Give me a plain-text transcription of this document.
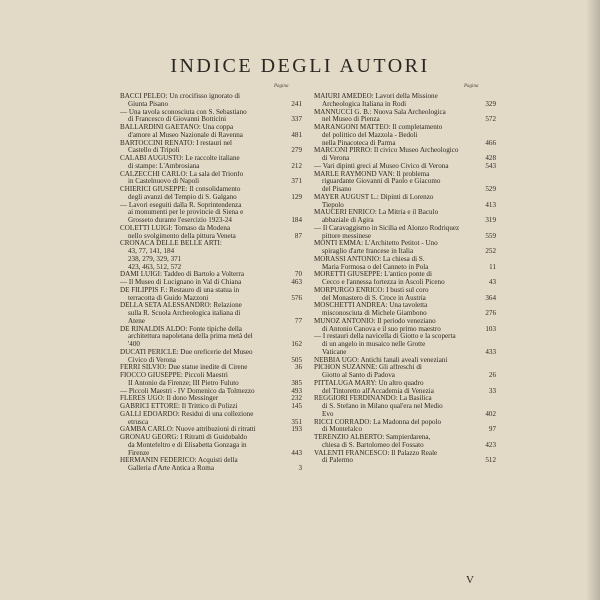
INDICE DEGLI AUTORI
Pagina	Pagina
BACCI PELEO: Un crocifisso ignorato di
Giunta Pisano	241
— Una tavola sconosciuta con S. Sebastiano
di Francesco di Giovanni Botticini	337
BALLARDINI GAETANO: Una coppa
d'amore al Museo Nazionale di Ravenna	481
BARTOCCINI RENATO: I restauri nel
Castello di Tripoli	279
CALABI AUGUSTO: Le raccolte italiane
di stampe: L'Ambrosiana	212
CALZECCHI CARLO: La sala del Trionfo
in Castelnuovo di Napoli	371
CHIERICI GIUSEPPE: Il consolidamento
degli avanzi del Tempio di S. Galgano	129
— Lavori eseguiti dalla R. Soprintendenza
ai monumenti per le provincie di Siena e
Grosseto durante l'esercizio 1923-24	184
COLETTI LUIGI: Tomaso da Modena
nello svolgimento della pittura Veneta	87
CRONACA DELLE BELLE ARTI:
43, 77, 141, 184
238, 279, 329, 371
423, 463, 512, 572
DAMI LUIGI: Taddeo di Bartolo a Volterra	70
— Il Museo di Lucignano in Val di Chiana	463
DE FILIPPIS F.: Restauro di una statua in
terracotta di Guido Mazzoni	576
DELLA SETA ALESSANDRO: Relazione
sulla R. Scuola Archeologica italiana di
Atene	77
DE RINALDIS ALDO: Fonte tipiche della
architettura napoletana della prima metà del
'400	162
DUCATI PERICLE: Due oreficerie del Museo
Civico di Verona	505
FERRI SILVIO: Due statue inedite di Cirene	36
FIOCCO GIUSEPPE: Piccoli Maestri
II Antonio da Firenze; III Pietro Fuluto	385
— Piccoli Maestri - IV Domenico da Tolmezzo	493
FLERES UGO: Il dono Messinger	232
GABRICI ETTORE: Il Trittico di Polizzi	145
GALLI EDOARDO: Residui di una collezione
etrusca	351
GAMBA CARLO: Nuove attribuzioni di ritratti	193
GRONAU GEORG: I Ritratti di Guidobaldo
da Montefeltro e di Elisabetta Gonzaga in
Firenze	443
HERMANIN FEDERICO: Acquisti della
Galleria d'Arte Antica a Roma	3
MAIURI AMEDEO: Lavori della Missione
Archeologica Italiana in Rodi	329
MANNUCCI G. B.: Nuova Sala Archeologica
nel Museo di Pienza	572
MARANGONI MATTEO: Il completamento
del polittico del Mazzola - Bedoli
nella Pinacoteca di Parma	466
MARCONI PIRRO: Il civico Museo Archeologico
di Verona	428
— Vari dipinti greci al Museo Civico di Verona	543
MARLE RAYMOND VAN: Il problema
riguardante Giovanni di Paolo e Giacomo
del Pisano	529
MAYER AUGUST L.: Dipinti di Lorenzo
Tiepolo	413
MAUCERI ENRICO: La Mitria e il Baculo
abbaziale di Agira	319
— Il Caravaggismo in Sicilia ed Alonzo Rodriquez
pittore messinese	559
MONTI EMMA: L'Architetto Petitot - Uno
spiraglio d'arte francese in Italia	252
MORASSI ANTONIO: La chiesa di S.
Maria Formosa o del Canneto in Pola	11
MORETTI GIUSEPPE: L'antico ponte di
Cecco e l'annessa fortezza in Ascoli Piceno	43
MORPURGO ENRICO: I busti sul coro
del Monastero di S. Croce in Austria	364
MOSCHETTI ANDREA: Una tavoletta
misconosciuta di Michele Giambono	276
MUNOZ ANTONIO: Il periodo veneziano
di Antonio Canova e il suo primo maestro	103
— I restauri della navicella di Giotto e la scoperta
di un angelo in musaico nelle Grotte
Vaticane	433
NEBBIA UGO: Antichi fanali aveali veneziani
PICHON SUZANNE: Gli affreschi di
Giotto al Santo di Padova	26
PITTALUGA MARY: Un altro quadro
del Tintoretto all'Accademia di Venezia	33
REGGIORI FERDINANDO: La Basilica
di S. Stefano in Milano qual'era nel Medio
Evo	402
RICCI CORRADO: La Madonna del popolo
di Montefalco	97
TERENZIO ALBERTO: Sampierdarena,
chiesa di S. Bartolomeo del Fossato	423
VALENTI FRANCESCO: Il Palazzo Reale
di Palermo	512
V
